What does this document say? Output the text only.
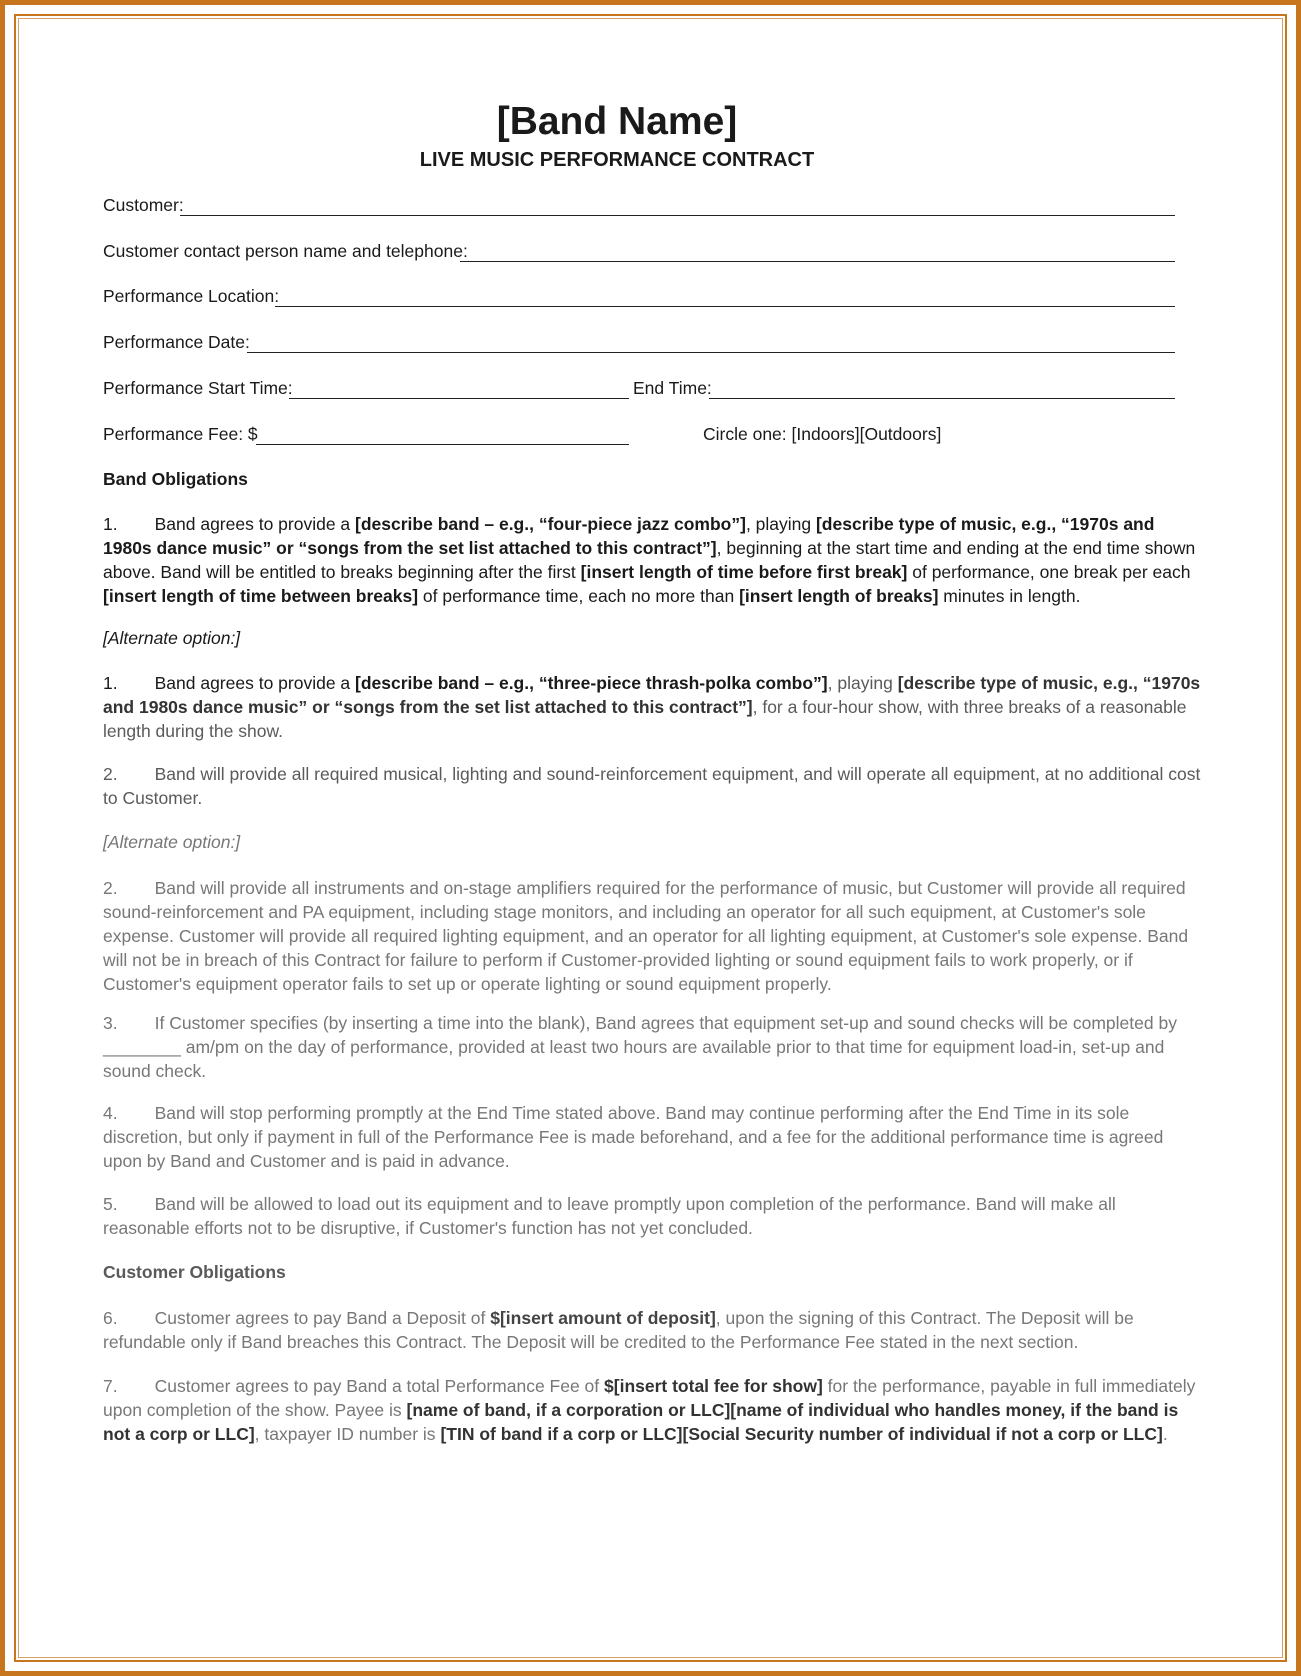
[Band Name]
LIVE MUSIC PERFORMANCE CONTRACT
Customer:
Customer contact person name and telephone:
Performance Location:
Performance Date:
Performance Start Time:	End Time:
Performance Fee: $	Circle one: [Indoors][Outdoors]
Band Obligations
1. Band agrees to provide a [describe band – e.g., “four-piece jazz combo”], playing [describe type of music, e.g., “1970s and 1980s dance music” or “songs from the set list attached to this contract”], beginning at the start time and ending at the end time shown above. Band will be entitled to breaks beginning after the first [insert length of time before first break] of performance, one break per each [insert length of time between breaks] of performance time, each no more than [insert length of breaks] minutes in length.
[Alternate option:]
1. Band agrees to provide a [describe band – e.g., “three-piece thrash-polka combo”], playing [describe type of music, e.g., “1970s and 1980s dance music” or “songs from the set list attached to this contract”], for a four-hour show, with three breaks of a reasonable length during the show.
2. Band will provide all required musical, lighting and sound-reinforcement equipment, and will operate all equipment, at no additional cost to Customer.
[Alternate option:]
2. Band will provide all instruments and on-stage amplifiers required for the performance of music, but Customer will provide all required sound-reinforcement and PA equipment, including stage monitors, and including an operator for all such equipment, at Customer's sole expense. Customer will provide all required lighting equipment, and an operator for all lighting equipment, at Customer's sole expense. Band will not be in breach of this Contract for failure to perform if Customer-provided lighting or sound equipment fails to work properly, or if Customer's equipment operator fails to set up or operate lighting or sound equipment properly.
3. If Customer specifies (by inserting a time into the blank), Band agrees that equipment set-up and sound checks will be completed by ________ am/pm on the day of performance, provided at least two hours are available prior to that time for equipment load-in, set-up and sound check.
4. Band will stop performing promptly at the End Time stated above. Band may continue performing after the End Time in its sole discretion, but only if payment in full of the Performance Fee is made beforehand, and a fee for the additional performance time is agreed upon by Band and Customer and is paid in advance.
5. Band will be allowed to load out its equipment and to leave promptly upon completion of the performance. Band will make all reasonable efforts not to be disruptive, if Customer's function has not yet concluded.
Customer Obligations
6. Customer agrees to pay Band a Deposit of $[insert amount of deposit], upon the signing of this Contract. The Deposit will be refundable only if Band breaches this Contract. The Deposit will be credited to the Performance Fee stated in the next section.
7. Customer agrees to pay Band a total Performance Fee of $[insert total fee for show] for the performance, payable in full immediately upon completion of the show. Payee is [name of band, if a corporation or LLC][name of individual who handles money, if the band is not a corp or LLC], taxpayer ID number is [TIN of band if a corp or LLC][Social Security number of individual if not a corp or LLC].
